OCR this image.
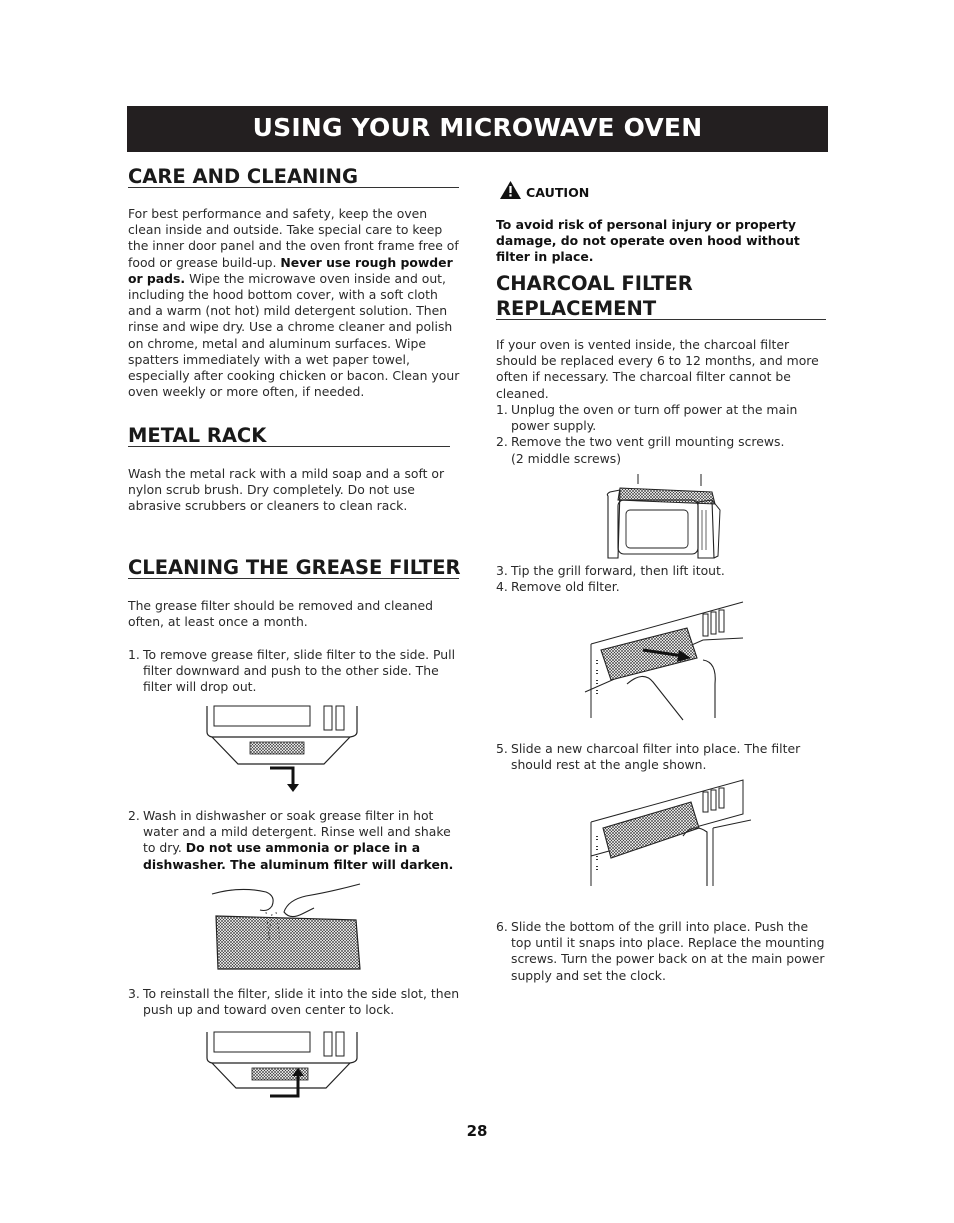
USING YOUR MICROWAVE OVEN
CARE AND CLEANING
For best performance and safety, keep the oven clean inside and outside. Take special care to keep the inner door panel and the oven front frame free of food or grease build-up. Never use rough powder or pads. Wipe the microwave oven inside and out, including the hood bottom cover, with a soft cloth and a warm (not hot) mild detergent solution. Then rinse and wipe dry. Use a chrome cleaner and polish on chrome, metal and aluminum surfaces. Wipe spatters immediately with a wet paper towel, especially after cooking chicken or bacon. Clean your oven weekly or more often, if needed.
METAL RACK
Wash the metal rack with a mild soap and a soft or nylon scrub brush. Dry completely. Do not use abrasive scrubbers or cleaners to clean rack.
CLEANING THE GREASE FILTER
The grease filter should be removed and cleaned often, at least once a month.
1. To remove grease filter, slide filter to the side. Pull filter downward and push to the other side. The filter will drop out.
2. Wash in dishwasher or soak grease filter in hot water and a mild detergent. Rinse well and shake to dry. Do not use ammonia or place in a dishwasher. The aluminum filter will darken.
3. To reinstall the filter, slide it into the side slot, then push up and toward oven center to lock.
CAUTION
To avoid risk of personal injury or property damage, do not operate oven hood without filter in place.
CHARCOAL FILTER
REPLACEMENT
If your oven is vented inside, the charcoal filter should be replaced every 6 to 12 months, and more often if necessary. The charcoal filter cannot be cleaned.
1. Unplug the oven or turn off power at the main power supply.
2. Remove the two vent grill mounting screws.
(2 middle screws)
3. Tip the grill forward, then lift itout.
4. Remove old filter.
5. Slide a new charcoal filter into place. The filter should rest at the angle shown.
6. Slide the bottom of the grill into place. Push the top until it snaps into place. Replace the mounting screws. Turn the power back on at the main power supply and set the clock.
28
